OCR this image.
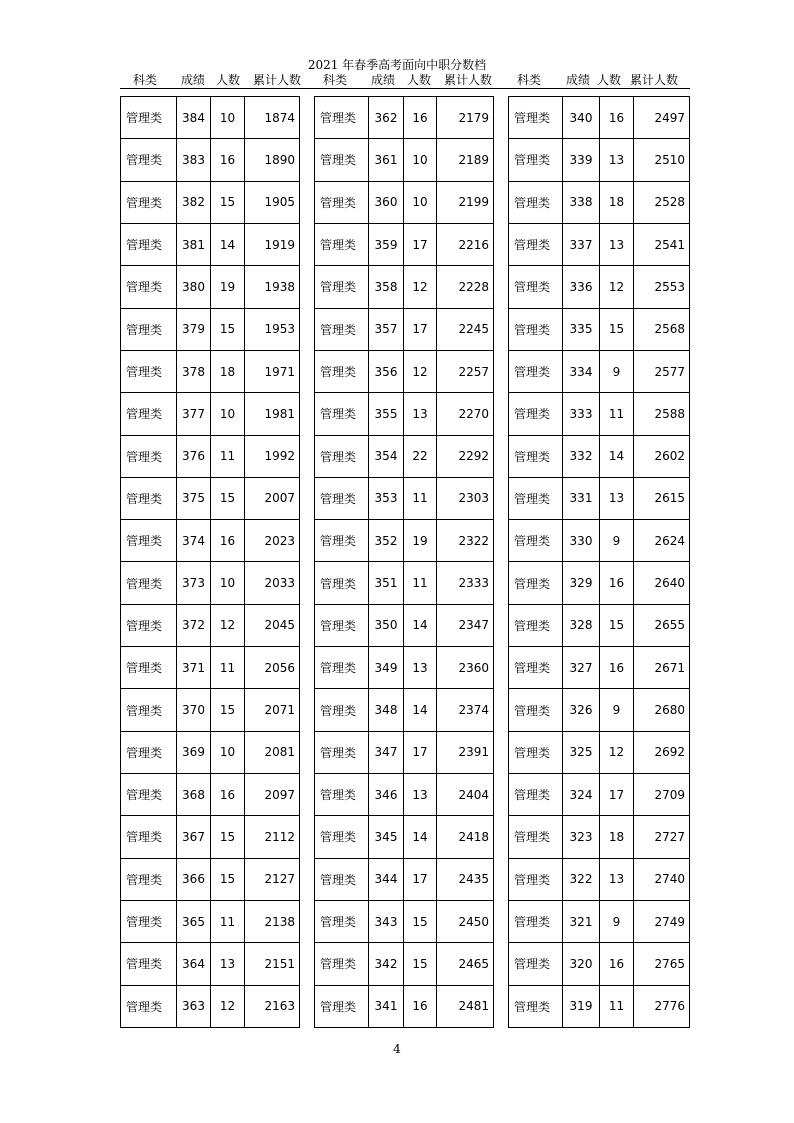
2021 年春季高考面向中职分数档
科类	成绩 人数	累计人数	科类	成绩 人数	累计人数	科类	成绩 人数 累计人数
管理类	384	10	1874
管理类	383	16	1890
管理类	382	15	1905
管理类	381	14	1919
管理类	380	19	1938
管理类	379	15	1953
管理类	378	18	1971
管理类	377	10	1981
管理类	376	11	1992
管理类	375	15	2007
管理类	374	16	2023
管理类	373	10	2033
管理类	372	12	2045
管理类	371	11	2056
管理类	370	15	2071
管理类	369	10	2081
管理类	368	16	2097
管理类	367	15	2112
管理类	366	15	2127
管理类	365	11	2138
管理类	364	13	2151
管理类	363	12	2163
管理类	362	16	2179
管理类	361	10	2189
管理类	360	10	2199
管理类	359	17	2216
管理类	358	12	2228
管理类	357	17	2245
管理类	356	12	2257
管理类	355	13	2270
管理类	354	22	2292
管理类	353	11	2303
管理类	352	19	2322
管理类	351	11	2333
管理类	350	14	2347
管理类	349	13	2360
管理类	348	14	2374
管理类	347	17	2391
管理类	346	13	2404
管理类	345	14	2418
管理类	344	17	2435
管理类	343	15	2450
管理类	342	15	2465
管理类	341	16	2481
管理类	340	16	2497
管理类	339	13	2510
管理类	338	18	2528
管理类	337	13	2541
管理类	336	12	2553
管理类	335	15	2568
管理类	334	9	2577
管理类	333	11	2588
管理类	332	14	2602
管理类	331	13	2615
管理类	330	9	2624
管理类	329	16	2640
管理类	328	15	2655
管理类	327	16	2671
管理类	326	9	2680
管理类	325	12	2692
管理类	324	17	2709
管理类	323	18	2727
管理类	322	13	2740
管理类	321	9	2749
管理类	320	16	2765
管理类	319	11	2776
4
